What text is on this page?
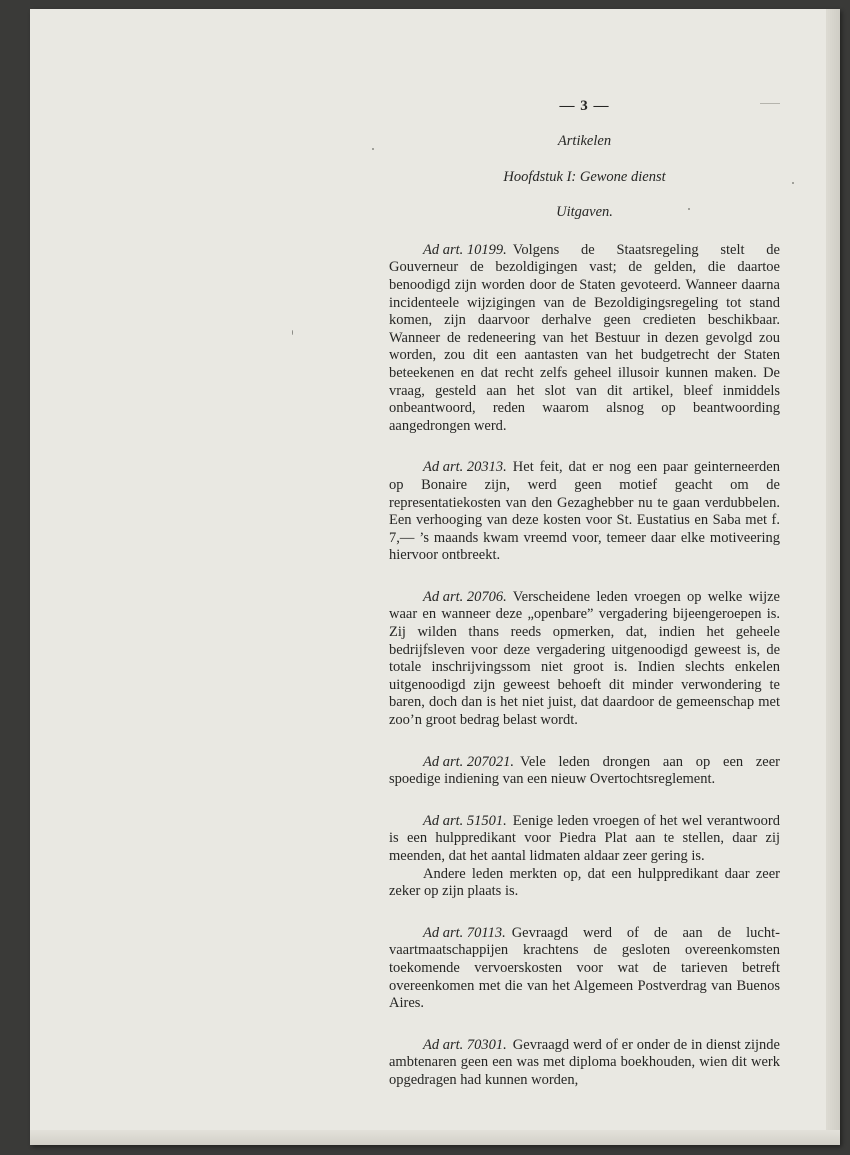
— 3 —

Artikelen

Hoofdstuk I: Gewone dienst

Uitgaven.

Ad art. 10199. Volgens de Staatsregeling stelt de Gouverneur de bezoldigingen vast; de gelden, die daartoe benoodigd zijn worden door de Staten gevoteerd. Wanneer daarna incidenteele wijzigingen van de Bezoldigingsregeling tot stand komen, zijn daarvoor derhalve geen credieten beschikbaar. Wanneer de redeneering van het Bestuur in dezen gevolgd zou worden, zou dit een aantasten van het budgetrecht der Staten beteekenen en dat recht zelfs geheel illusoir kunnen maken. De vraag, gesteld aan het slot van dit artikel, bleef inmiddels onbeantwoord, reden waarom alsnog op beantwoording aangedrongen werd.

Ad art. 20313. Het feit, dat er nog een paar geinterneerden op Bonaire zijn, werd geen motief geacht om de representatiekosten van den Gezaghebber nu te gaan verdubbelen. Een verhooging van deze kosten voor St. Eustatius en Saba met f. 7,— ’s maands kwam vreemd voor, temeer daar elke motiveering hiervoor ontbreekt.

Ad art. 20706. Verscheidene leden vroegen op welke wijze waar en wanneer deze „openbare” vergadering bijeengeroepen is. Zij wilden thans reeds opmerken, dat, indien het geheele bedrijfsleven voor deze vergadering uitgenoodigd geweest is, de totale inschrijvingssom niet groot is. Indien slechts enkelen uitgenoodigd zijn geweest behoeft dit minder verwondering te baren, doch dan is het niet juist, dat daardoor de gemeenschap met zoo’n groot bedrag belast wordt.

Ad art. 207021. Vele leden drongen aan op een zeer spoedige indiening van een nieuw Overtochtsreglement.

Ad art. 51501. Eenige leden vroegen of het wel verantwoord is een hulppredikant voor Piedra Plat aan te stellen, daar zij meenden, dat het aantal lidmaten aldaar zeer gering is.

Andere leden merkten op, dat een hulppredikant daar zeer zeker op zijn plaats is.

Ad art. 70113. Gevraagd werd of de aan de luchtvaartmaatschappijen krachtens de gesloten overeenkomsten toekomende vervoerskosten voor wat de tarieven betreft overeenkomen met die van het Algemeen Postverdrag van Buenos Aires.

Ad art. 70301. Gevraagd werd of er onder de in dienst zijnde ambtenaren geen een was met diploma boekhouden, wien dit werk opgedragen had kunnen worden,
